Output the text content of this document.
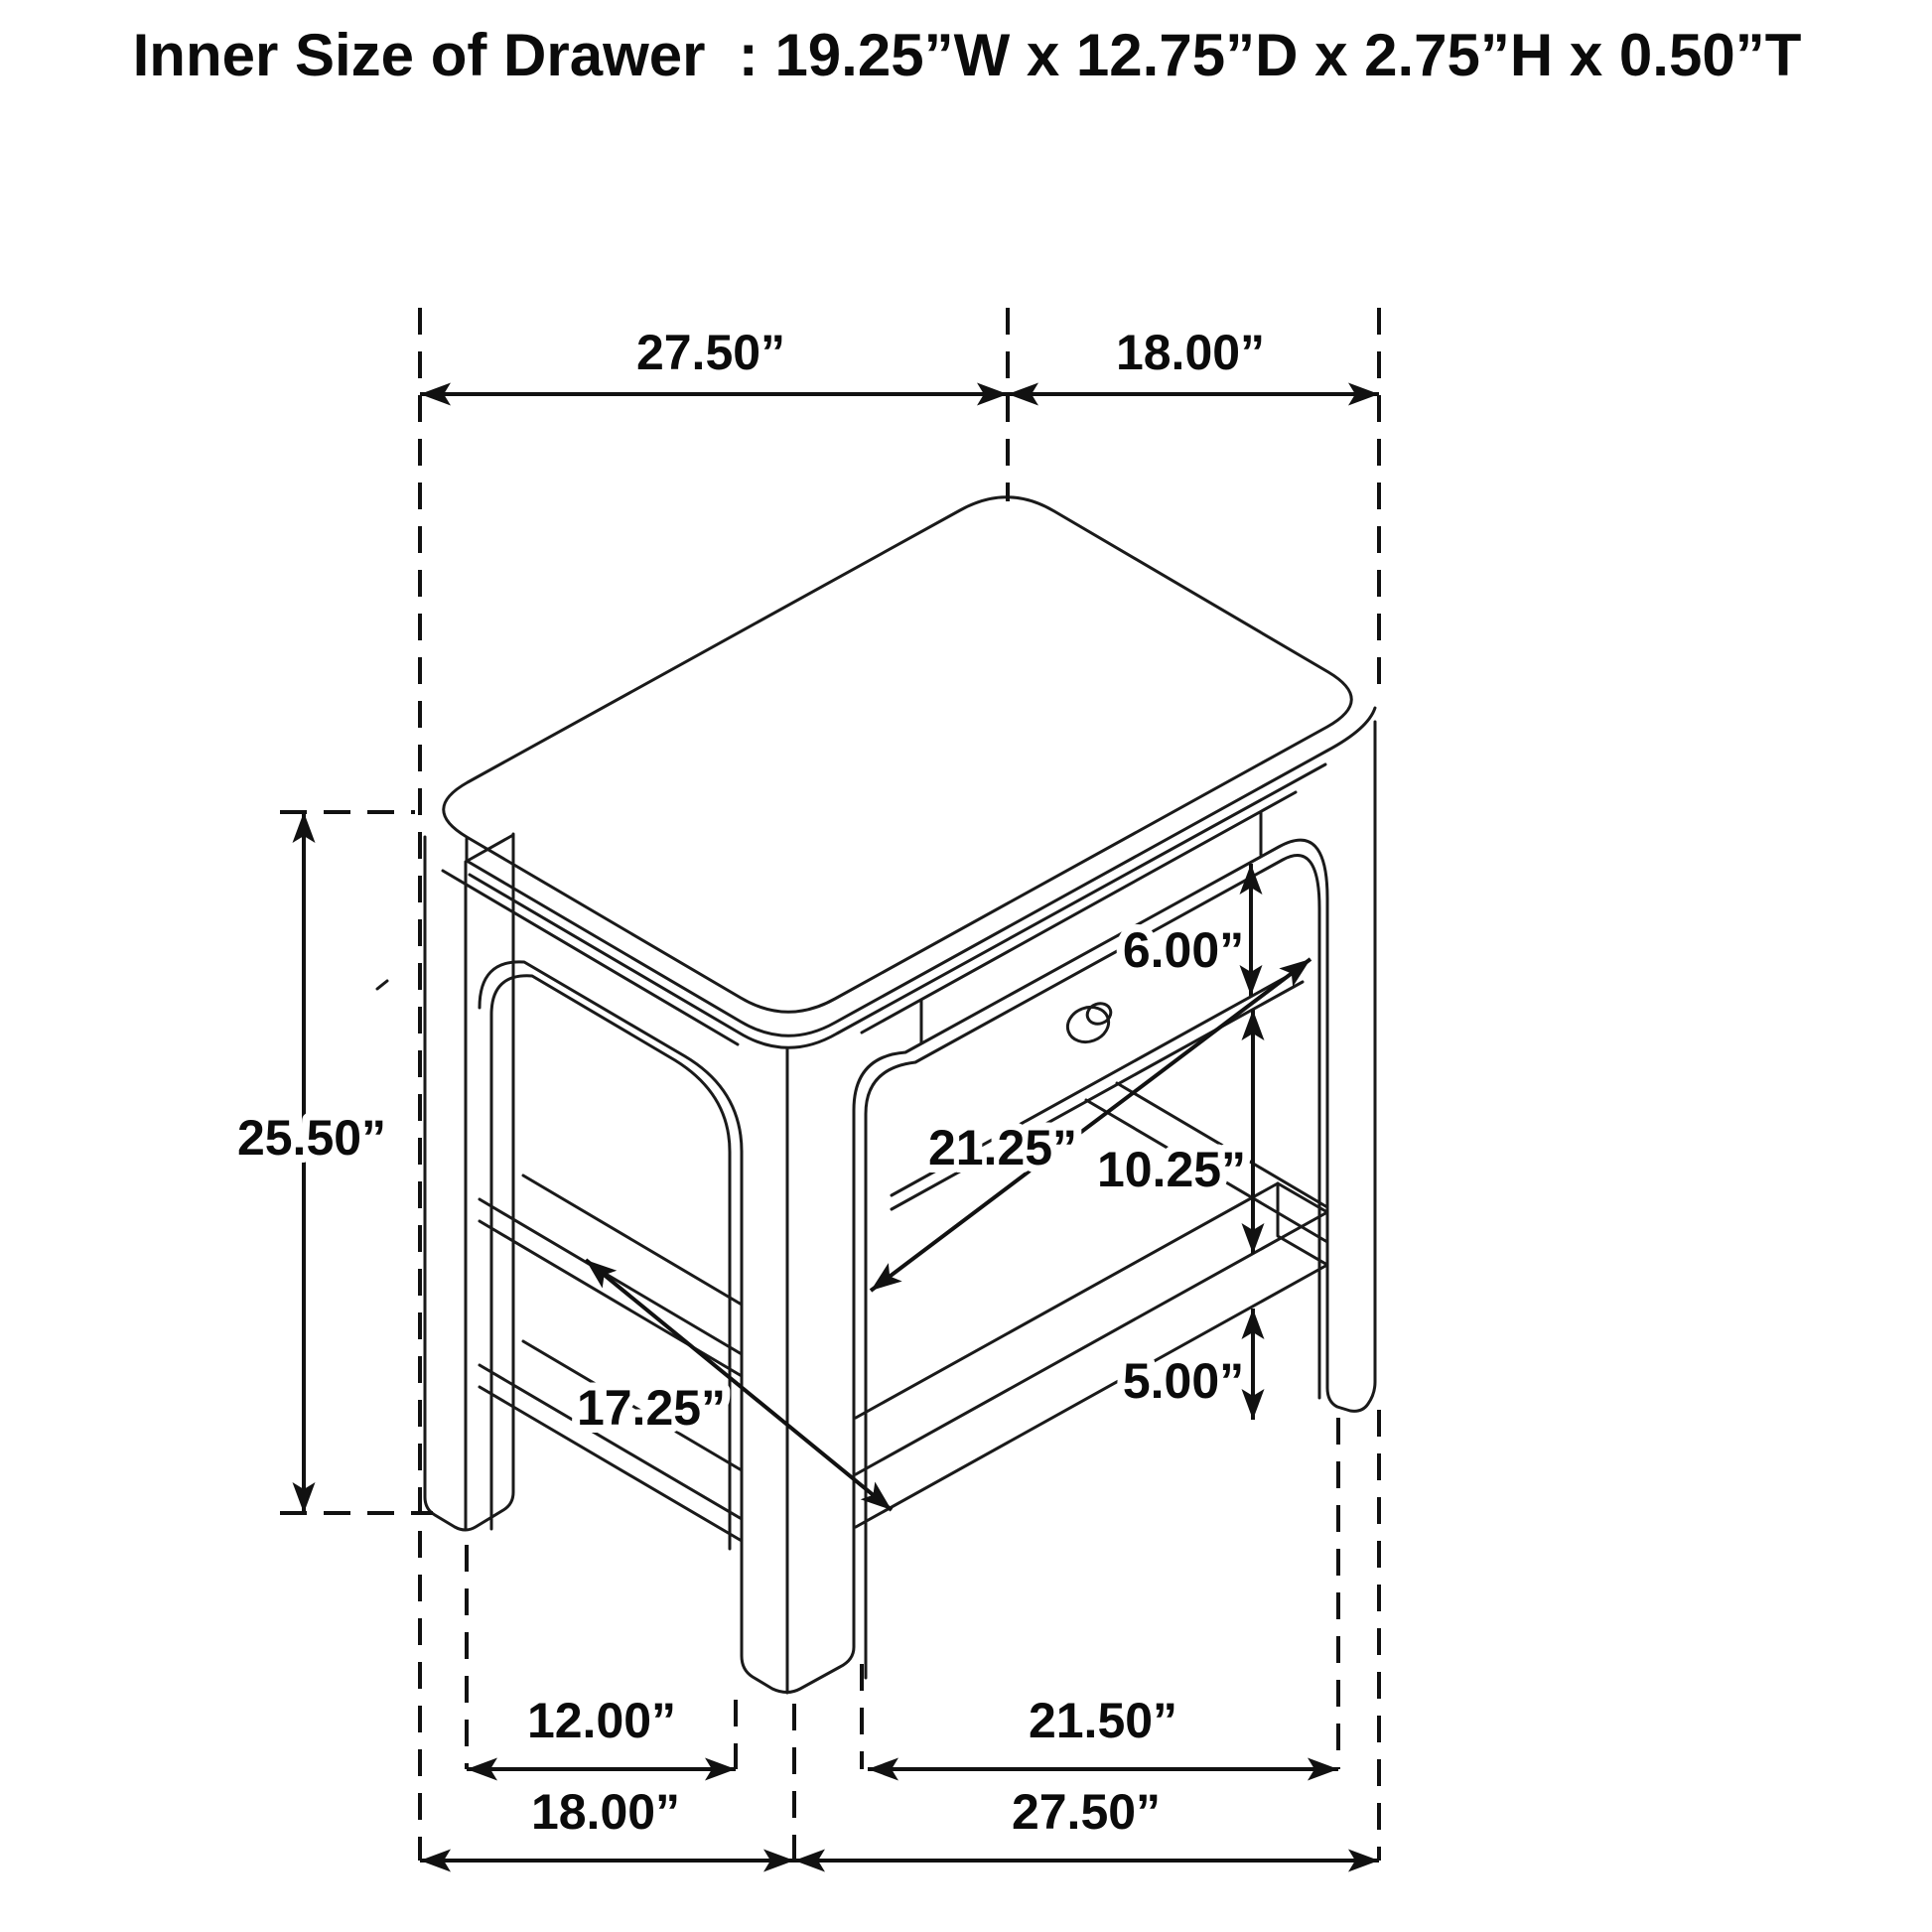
Inner Size of Drawer  : 19.25”W x 12.75”D x 2.75”H x 0.50”T
27.50”	18.00”
25.50”
6.00”
21.25” 10.25”
17.25”	5.00”
12.00”	21.50”
18.00”	27.50”
